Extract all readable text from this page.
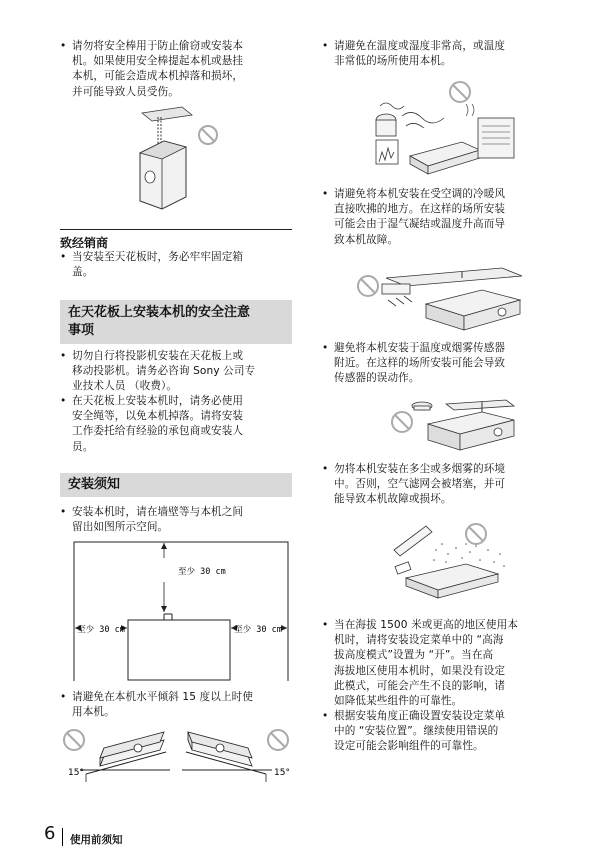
• 请勿将安全棒用于防止偷窃或安装本
机。如果使用安全棒提起本机或悬挂
本机，可能会造成本机掉落和损坏，
并可能导致人员受伤。
致经销商
• 当安装至天花板时，务必牢牢固定箱
盖。
在天花板上安装本机的安全注意
事项
• 切勿自行将投影机安装在天花板上或
移动投影机。请务必咨询 Sony 公司专
业技术人员 （收费）。
• 在天花板上安装本机时，请务必使用
安全绳等，以免本机掉落。请将安装
工作委托给有经验的承包商或安装人
员。
安装须知
• 安装本机时，请在墙壁等与本机之间
留出如图所示空间。
至少 30 cm
至少 30 cm	至少 30 cm
• 请避免在本机水平倾斜 15 度以上时使
用本机。
15°	15°
• 请避免在温度或湿度非常高，或温度
非常低的场所使用本机。
• 请避免将本机安装在受空调的冷暖风
直接吹拂的地方。在这样的场所安装
可能会由于湿气凝结或温度升高而导
致本机故障。
• 避免将本机安装于温度或烟雾传感器
附近。在这样的场所安装可能会导致
传感器的误动作。
• 勿将本机安装在多尘或多烟雾的环境
中。否则，空气滤网会被堵塞，并可
能导致本机故障或损坏。
• 当在海拔 1500 米或更高的地区使用本
机时，请将安装设定菜单中的 “高海
拔高度模式”设置为 “开”。当在高
海拔地区使用本机时，如果没有设定
此模式，可能会产生不良的影响，诸
如降低某些组件的可靠性。
• 根据安装角度正确设置安装设定菜单
中的 “安装位置”。继续使用错误的
设定可能会影响组件的可靠性。
6 使用前须知
